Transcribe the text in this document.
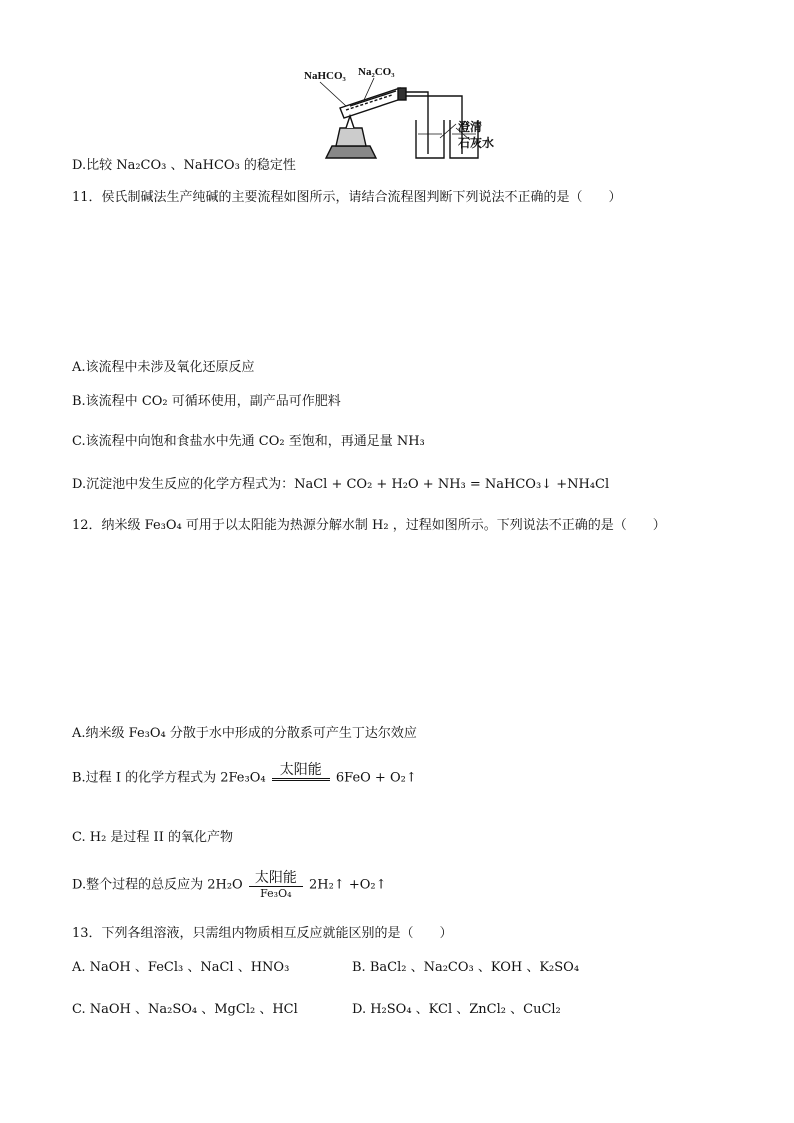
NaHCO₃ Na₂CO₃
澄清
石灰水
D.比较 Na₂CO₃ 、NaHCO₃ 的稳定性
11．侯氏制碱法生产纯碱的主要流程如图所示，请结合流程图判断下列说法不正确的是（　　）
A.该流程中未涉及氧化还原反应
B.该流程中 CO₂ 可循环使用，副产品可作肥料
C.该流程中向饱和食盐水中先通 CO₂ 至饱和，再通足量 NH₃
D.沉淀池中发生反应的化学方程式为：NaCl + CO₂ + H₂O + NH₃ = NaHCO₃↓ +NH₄Cl
12．纳米级 Fe₃O₄ 可用于以太阳能为热源分解水制 H₂ ，过程如图所示。下列说法不正确的是（　　）
A.纳米级 Fe₃O₄ 分散于水中形成的分散系可产生丁达尔效应
B.过程 I 的化学方程式为 2Fe₃O₄	太阳能
	6FeO + O₂↑
C. H₂ 是过程 II 的氧化产物
D.整个过程的总反应为 2H₂O 太阳能
Fe₃O₄
2H₂↑ +O₂↑
13．下列各组溶液，只需组内物质相互反应就能区别的是（　　）
A. NaOH 、FeCl₃ 、NaCl 、HNO₃	B. BaCl₂ 、Na₂CO₃ 、KOH 、K₂SO₄
C. NaOH 、Na₂SO₄ 、MgCl₂ 、HCl	D. H₂SO₄ 、KCl 、ZnCl₂ 、CuCl₂
